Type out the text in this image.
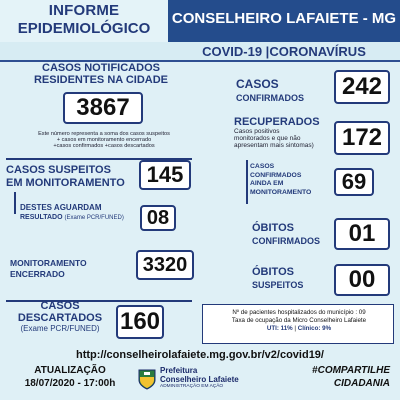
INFORME
EPIDEMIOLÓGICO
CONSELHEIRO LAFAIETE - MG
COVID-19 |CORONAVÍRUS
CASOS NOTIFICADOS
RESIDENTES NA CIDADE
3867
Este número representa a soma dos casos suspeitos
+ casos em monitoramento encerrado
+casos confirmados +casos descartados
CASOS SUSPEITOS
EM MONITORAMENTO 145
DESTES AGUARDAM
RESULTADO (Exame PCR/FUNED)	08
MONITORAMENTO
ENCERRADO	3320
CASOS
DESCARTADOS
(Exame PCR/FUNED) 160
CASOS
CONFIRMADOS	242
RECUPERADOS
Casos positivos
monitorados e que não
apresentam mais sintomas)	172
CASOS
CONFIRMADOS
AINDA EM
MONITORAMENTO	69
ÓBITOS
CONFIRMADOS	01
ÓBITOS
SUSPEITOS	00
Nº de pacientes hospitalizados do município : 09
Taxa de ocupação da Micro Conselheiro Lafaiete
UTI: 11% | Clínico: 9%
http://conselheirolafaiete.mg.gov.br/v2/covid19/
ATUALIZAÇÃO
18/07/2020 - 17:00h
Prefeitura
Conselheiro Lafaiete
ADMINISTRAÇÃO EM AÇÃO
#COMPARTILHE
CIDADANIA
